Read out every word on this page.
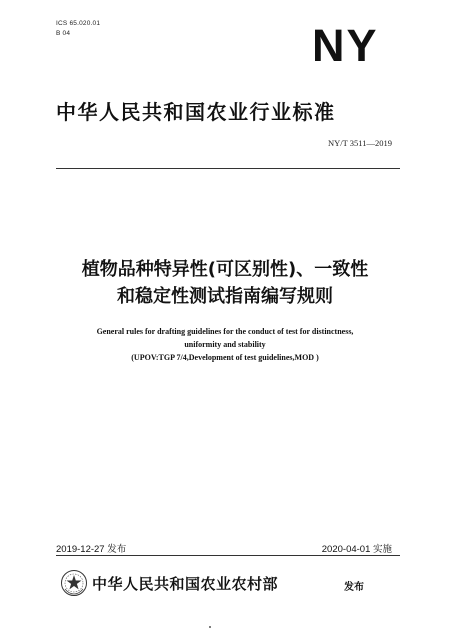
ICS 65.020.01
B 04	NY
中华人民共和国农业行业标准
NY/T 3511—2019
植物品种特异性(可区别性)、一致性
和稳定性测试指南编写规则
General rules for drafting guidelines for the conduct of test for distinctness,
uniformity and stability
(UPOV:TGP 7/4,Development of test guidelines,MOD )
2019-12-27 发布	2020-04-01 实施
中华人民共和国农业农村部	发布
